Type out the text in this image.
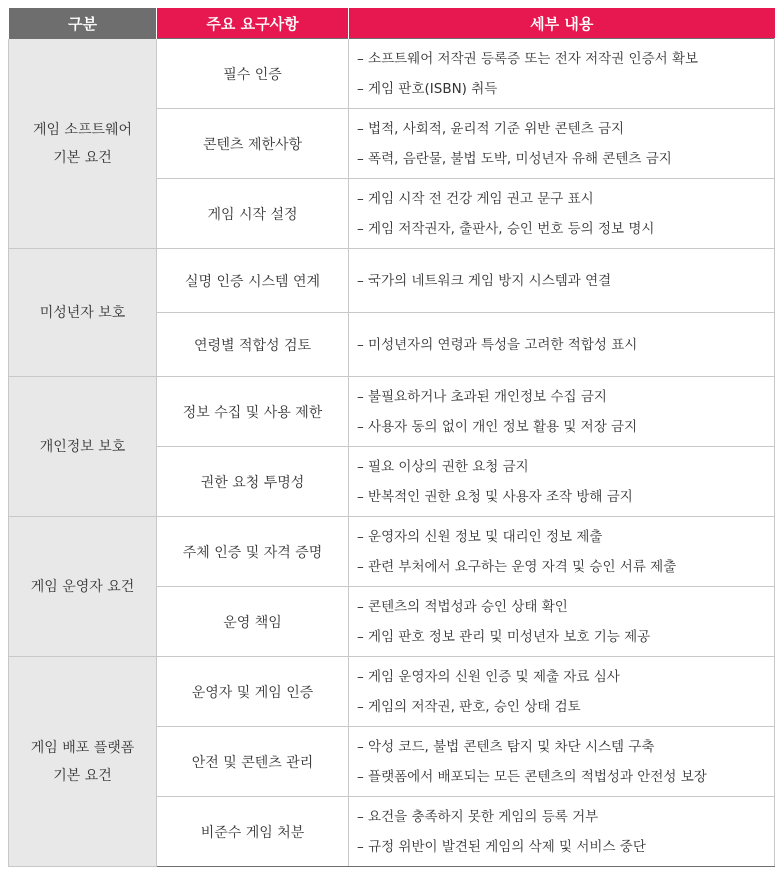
구분	주요 요구사항	세부 내용

게임 소프트웨어
기본 요건	필수 인증	– 소프트웨어 저작권 등록증 또는 전자 저작권 인증서 확보
– 게임 판호(ISBN) 취득

	콘텐츠 제한사항	– 법적, 사회적, 윤리적 기준 위반 콘텐츠 금지
– 폭력, 음란물, 불법 도박, 미성년자 유해 콘텐츠 금지

	게임 시작 설정	– 게임 시작 전 건강 게임 권고 문구 표시
– 게임 저작권자, 출판사, 승인 번호 등의 정보 명시

미성년자 보호	실명 인증 시스템 연계	– 국가의 네트워크 게임 방지 시스템과 연결

	연령별 적합성 검토	– 미성년자의 연령과 특성을 고려한 적합성 표시

개인정보 보호	정보 수집 및 사용 제한	– 불필요하거나 초과된 개인정보 수집 금지
– 사용자 동의 없이 개인 정보 활용 및 저장 금지

	권한 요청 투명성	– 필요 이상의 권한 요청 금지
– 반복적인 권한 요청 및 사용자 조작 방해 금지

게임 운영자 요건	주체 인증 및 자격 증명	– 운영자의 신원 정보 및 대리인 정보 제출
– 관련 부처에서 요구하는 운영 자격 및 승인 서류 제출

	운영 책임	– 콘텐츠의 적법성과 승인 상태 확인
– 게임 판호 정보 관리 및 미성년자 보호 기능 제공

게임 배포 플랫폼
기본 요건	운영자 및 게임 인증	– 게임 운영자의 신원 인증 및 제출 자료 심사
– 게임의 저작권, 판호, 승인 상태 검토

	안전 및 콘텐츠 관리	– 악성 코드, 불법 콘텐츠 탐지 및 차단 시스템 구축
– 플랫폼에서 배포되는 모든 콘텐츠의 적법성과 안전성 보장

	비준수 게임 처분	– 요건을 충족하지 못한 게임의 등록 거부
– 규정 위반이 발견된 게임의 삭제 및 서비스 중단
